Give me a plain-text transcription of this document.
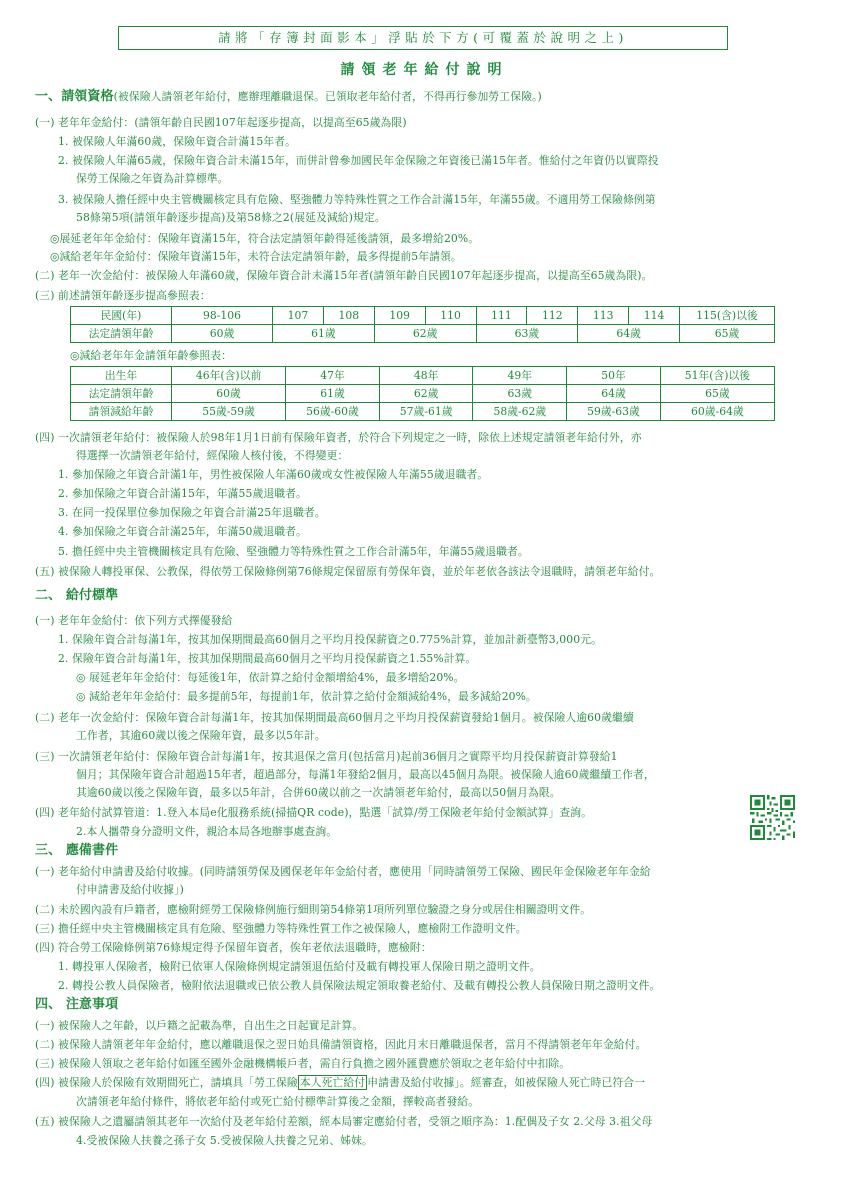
請將「存簿封面影本」浮貼於下方(可覆蓋於說明之上)
請領老年給付說明
一、請領資格(被保險人請領老年給付，應辦理離職退保。已領取老年給付者，不得再行參加勞工保險。)
(一) 老年年金給付：(請領年齡自民國107年起逐步提高，以提高至65歲為限)
1. 被保險人年滿60歲，保險年資合計滿15年者。
2. 被保險人年滿65歲，保險年資合計未滿15年，而併計曾參加國民年金保險之年資後已滿15年者。惟給付之年資仍以實際投
保勞工保險之年資為計算標準。
3. 被保險人擔任經中央主管機關核定具有危險、堅強體力等特殊性質之工作合計滿15年，年滿55歲。不適用勞工保險條例第
58條第5項(請領年齡逐步提高)及第58條之2(展延及減給)規定。
◎展延老年年金給付：保險年資滿15年，符合法定請領年齡得延後請領，最多增給20%。
◎減給老年年金給付：保險年資滿15年，未符合法定請領年齡，最多得提前5年請領。
(二) 老年一次金給付：被保險人年滿60歲，保險年資合計未滿15年者(請領年齡自民國107年起逐步提高，以提高至65歲為限)。
(三) 前述請領年齡逐步提高參照表：
民國(年)	98-106	107	108	109	110	111	112	113	114	115(含)以後
法定請領年齡	60歲	61歲		62歲		63歲		64歲		65歲
◎減給老年年金請領年齡參照表：
出生年	46年(含)以前	47年	48年	49年	50年	51年(含)以後
法定請領年齡	60歲	61歲	62歲	63歲	64歲	65歲
請領減給年齡	55歲-59歲	56歲-60歲	57歲-61歲	58歲-62歲	59歲-63歲	60歲-64歲
(四) 一次請領老年給付：被保險人於98年1月1日前有保險年資者，於符合下列規定之一時，除依上述規定請領老年給付外，亦
得選擇一次請領老年給付，經保險人核付後，不得變更：
1. 參加保險之年資合計滿1年，男性被保險人年滿60歲或女性被保險人年滿55歲退職者。
2. 參加保險之年資合計滿15年，年滿55歲退職者。
3. 在同一投保單位參加保險之年資合計滿25年退職者。
4. 參加保險之年資合計滿25年，年滿50歲退職者。
5. 擔任經中央主管機關核定具有危險、堅強體力等特殊性質之工作合計滿5年，年滿55歲退職者。
(五) 被保險人轉投軍保、公教保，得依勞工保險條例第76條規定保留原有勞保年資，並於年老依各該法令退職時，請領老年給付。
二、 給付標準
(一) 老年年金給付：依下列方式擇優發給
1. 保險年資合計每滿1年，按其加保期間最高60個月之平均月投保薪資之0.775%計算，並加計新臺幣3,000元。
2. 保險年資合計每滿1年，按其加保期間最高60個月之平均月投保薪資之1.55%計算。
◎ 展延老年年金給付：每延後1年，依計算之給付金額增給4%，最多增給20%。
◎ 減給老年年金給付：最多提前5年，每提前1年，依計算之給付金額減給4%，最多減給20%。
(二) 老年一次金給付：保險年資合計每滿1年，按其加保期間最高60個月之平均月投保薪資發給1個月。被保險人逾60歲繼續
工作者，其逾60歲以後之保險年資，最多以5年計。
(三) 一次請領老年給付：保險年資合計每滿1年，按其退保之當月(包括當月)起前36個月之實際平均月投保薪資計算發給1
個月；其保險年資合計超過15年者，超過部分，每滿1年發給2個月，最高以45個月為限。被保險人逾60歲繼續工作者，
其逾60歲以後之保險年資，最多以5年計，合併60歲以前之一次請領老年給付，最高以50個月為限。
(四) 老年給付試算管道：1.登入本局e化服務系統(掃描QR code)，點選「試算/勞工保險老年給付金額試算」查詢。
2.本人攜帶身分證明文件，親洽本局各地辦事處查詢。
三、 應備書件
(一) 老年給付申請書及給付收據。(同時請領勞保及國保老年年金給付者，應使用「同時請領勞工保險、國民年金保險老年年金給
付申請書及給付收據」)
(二) 未於國內設有戶籍者，應檢附經勞工保險條例施行細則第54條第1項所列單位驗證之身分或居住相關證明文件。
(三) 擔任經中央主管機關核定具有危險、堅強體力等特殊性質工作之被保險人，應檢附工作證明文件。
(四) 符合勞工保險條例第76條規定得予保留年資者，俟年老依法退職時，應檢附：
1. 轉投軍人保險者，檢附已依軍人保險條例規定請領退伍給付及載有轉投軍人保險日期之證明文件。
2. 轉投公教人員保險者，檢附依法退職或已依公教人員保險法規定領取養老給付、及載有轉投公教人員保險日期之證明文件。
四、 注意事項
(一) 被保險人之年齡，以戶籍之記載為準，自出生之日起實足計算。
(二) 被保險人請領老年年金給付，應以離職退保之翌日始具備請領資格，因此月末日離職退保者，當月不得請領老年年金給付。
(三) 被保險人領取之老年給付如匯至國外金融機構帳戶者，需自行負擔之國外匯費應於領取之老年給付中扣除。
(四) 被保險人於保險有效期間死亡，請填具「勞工保險 本人死亡給付 申請書及給付收據」。經審查，如被保險人死亡時已符合一
次請領老年給付條件，將依老年給付或死亡給付標準計算後之金額，擇較高者發給。
(五) 被保險人之遺屬請領其老年一次給付及老年給付差額，經本局審定應給付者，受領之順序為：1.配偶及子女 2.父母 3.祖父母
4.受被保險人扶養之孫子女 5.受被保險人扶養之兄弟、姊妹。
